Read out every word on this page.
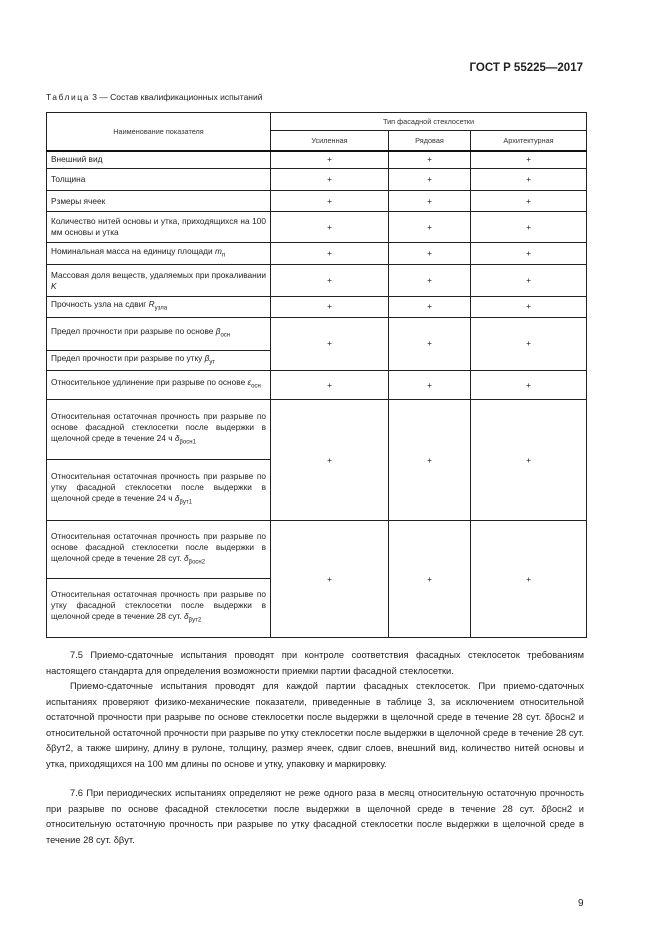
ГОСТ Р 55225—2017
Таблица 3 — Состав квалификационных испытаний
Наименование показателя	Тип фасадной стеклосетки		
	Усиленная	Рядовая	Архитектурная
Внешний вид	+	+	+
Толщина	+	+	+
Рзмеры ячеек	+	+	+
Количество нитей основы и утка, приходящихся на 100 мм основы и утка	+	+	+
Номинальная масса на единицу площади $m_п$	+	+	+
Массовая доля веществ, удаляемых при прокаливании K	+	+	+
Прочность узла на сдвиг $R_{узла}$	+	+	+
Предел прочности при разрыве по основе $\beta_{осн}$	+	+	+
Предел прочности при разрыве по утку $\beta_{ут}$
Относительное удлинение при разрыве по основе $\varepsilon_{осн}$	+	+	+
Относительная остаточная прочность при разрыве по основе фасадной стеклосетки после выдержки в щелочной среде в течение 24 ч $\delta_{\beta осн1}$	+	+	+
Относительная остаточная прочность при разрыве по утку фасадной стеклосетки после выдержки в щелочной среде в течение 24 ч $\delta_{\beta ут1}$
Относительная остаточная прочность при разрыве по основе фасадной стеклосетки после выдержки в щелочной среде в течение 28 сут. $\delta_{\beta осн2}$	+	+	+
Относительная остаточная прочность при разрыве по утку фасадной стеклосетки после выдержки в щелочной среде в течение 28 сут. $\delta_{\beta ут2}$
7.5 Приемо-сдаточные испытания проводят при контроле соответствия фасадных стеклосеток требованиям настоящего стандарта для определения возможности приемки партии фасадной стеклосетки.
Приемо-сдаточные испытания проводят для каждой партии фасадных стеклосеток. При приемо-сдаточных испытаниях проверяют физико-механические показатели, приведенные в таблице 3, за исключением относительной остаточной прочности при разрыве по основе стеклосетки после выдержки в щелочной среде в течение 28 сут. δβосн2 и относительной остаточной прочности при разрыве по утку стеклосетки после выдержки в щелочной среде в течение 28 сут. δβут2, а также ширину, длину в рулоне, толщину, размер ячеек, сдвиг слоев, внешний вид, количество нитей основы и утка, приходящихся на 100 мм длины по основе и утку, упаковку и маркировку.
7.6 При периодических испытаниях определяют не реже одного раза в месяц относительную остаточную прочность при разрыве по основе фасадной стеклосетки после выдержки в щелочной среде в течение 28 сут. δβосн2 и относительную остаточную прочность при разрыве по утку фасадной стеклосетки после выдержки в щелочной среде в течение 28 сут. δβут.
9
